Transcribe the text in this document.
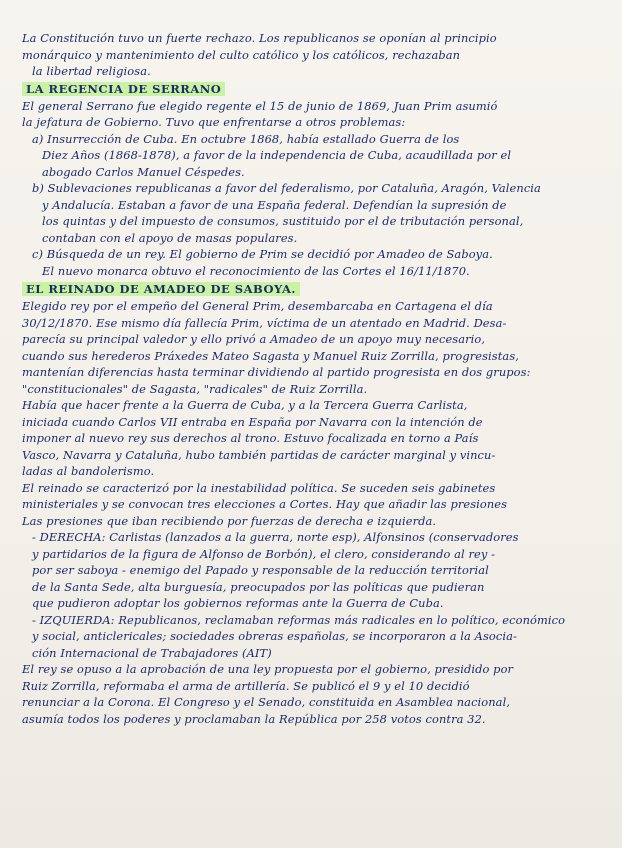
La Constitución tuvo un fuerte rechazo. Los republicanos se oponían al principio
monárquico y mantenimiento del culto católico y los católicos, rechazaban
la libertad religiosa.
LA REGENCIA DE SERRANO
El general Serrano fue elegido regente el 15 de junio de 1869, Juan Prim asumió
la jefatura de Gobierno. Tuvo que enfrentarse a otros problemas:
a) Insurrección de Cuba. En octubre 1868, había estallado Guerra de los
Diez Años (1868-1878), a favor de la independencia de Cuba, acaudillada por el
abogado Carlos Manuel Céspedes.
b) Sublevaciones republicanas a favor del federalismo, por Cataluña, Aragón, Valencia
y Andalucía. Estaban a favor de una España federal. Defendían la supresión de
los quintas y del impuesto de consumos, sustituido por el de tributación personal,
contaban con el apoyo de masas populares.
c) Búsqueda de un rey. El gobierno de Prim se decidió por Amadeo de Saboya.
El nuevo monarca obtuvo el reconocimiento de las Cortes el 16/11/1870.
EL REINADO DE AMADEO DE SABOYA.
Elegido rey por el empeño del General Prim, desembarcaba en Cartagena el día
30/12/1870. Ese mismo día fallecía Prim, víctima de un atentado en Madrid. Desa-
parecía su principal valedor y ello privó a Amadeo de un apoyo muy necesario,
cuando sus herederos Práxedes Mateo Sagasta y Manuel Ruiz Zorrilla, progresistas,
mantenían diferencias hasta terminar dividiendo al partido progresista en dos grupos:
"constitucionales" de Sagasta, "radicales" de Ruiz Zorrilla.
Había que hacer frente a la Guerra de Cuba, y a la Tercera Guerra Carlista,
iniciada cuando Carlos VII entraba en España por Navarra con la intención de
imponer al nuevo rey sus derechos al trono. Estuvo focalizada en torno a País
Vasco, Navarra y Cataluña, hubo también partidas de carácter marginal y vincu-
ladas al bandolerismo.
El reinado se caracterizó por la inestabilidad política. Se suceden seis gabinetes
ministeriales y se convocan tres elecciones a Cortes. Hay que añadir las presiones
Las presiones que iban recibiendo por fuerzas de derecha e izquierda.
- DERECHA: Carlistas (lanzados a la guerra, norte esp), Alfonsinos (conservadores
y partidarios de la figura de Alfonso de Borbón), el clero, considerando al rey -
por ser saboya - enemigo del Papado y responsable de la reducción territorial
de la Santa Sede, alta burguesía, preocupados por las políticas que pudieran
que pudieron adoptar los gobiernos reformas ante la Guerra de Cuba.
- IZQUIERDA: Republicanos, reclamaban reformas más radicales en lo político, económico
y social, anticlericales; sociedades obreras españolas, se incorporaron a la Asocia-
ción Internacional de Trabajadores (AIT)
El rey se opuso a la aprobación de una ley propuesta por el gobierno, presidido por
Ruiz Zorrilla, reformaba el arma de artillería. Se publicó el 9 y el 10 decidió
renunciar a la Corona. El Congreso y el Senado, constituida en Asamblea nacional,
asumía todos los poderes y proclamaban la República por 258 votos contra 32.
